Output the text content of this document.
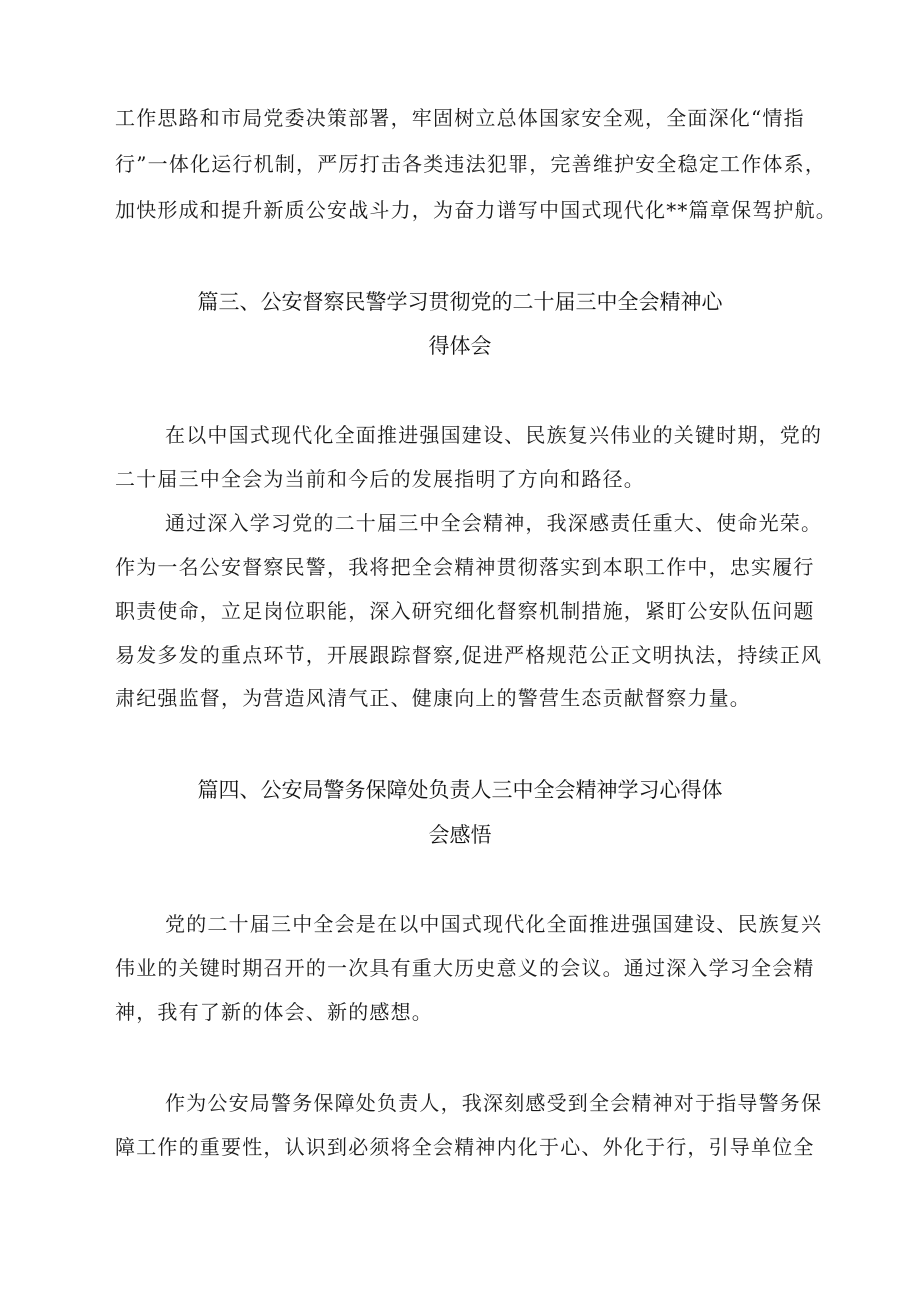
工作思路和市局党委决策部署，牢固树立总体国家安全观，全面深化“情指
行”一体化运行机制，严厉打击各类违法犯罪，完善维护安全稳定工作体系，
加快形成和提升新质公安战斗力，为奋力谱写中国式现代化**篇章保驾护航。
篇三、公安督察民警学习贯彻党的二十届三中全会精神心
得体会
在以中国式现代化全面推进强国建设、民族复兴伟业的关键时期，党的
二十届三中全会为当前和今后的发展指明了方向和路径。
通过深入学习党的二十届三中全会精神，我深感责任重大、使命光荣。
作为一名公安督察民警，我将把全会精神贯彻落实到本职工作中，忠实履行
职责使命，立足岗位职能，深入研究细化督察机制措施，紧盯公安队伍问题
易发多发的重点环节，开展跟踪督察,促进严格规范公正文明执法，持续正风
肃纪强监督，为营造风清气正、健康向上的警营生态贡献督察力量。
篇四、公安局警务保障处负责人三中全会精神学习心得体
会感悟
党的二十届三中全会是在以中国式现代化全面推进强国建设、民族复兴
伟业的关键时期召开的一次具有重大历史意义的会议。通过深入学习全会精
神，我有了新的体会、新的感想。
作为公安局警务保障处负责人，我深刻感受到全会精神对于指导警务保
障工作的重要性，认识到必须将全会精神内化于心、外化于行，引导单位全
